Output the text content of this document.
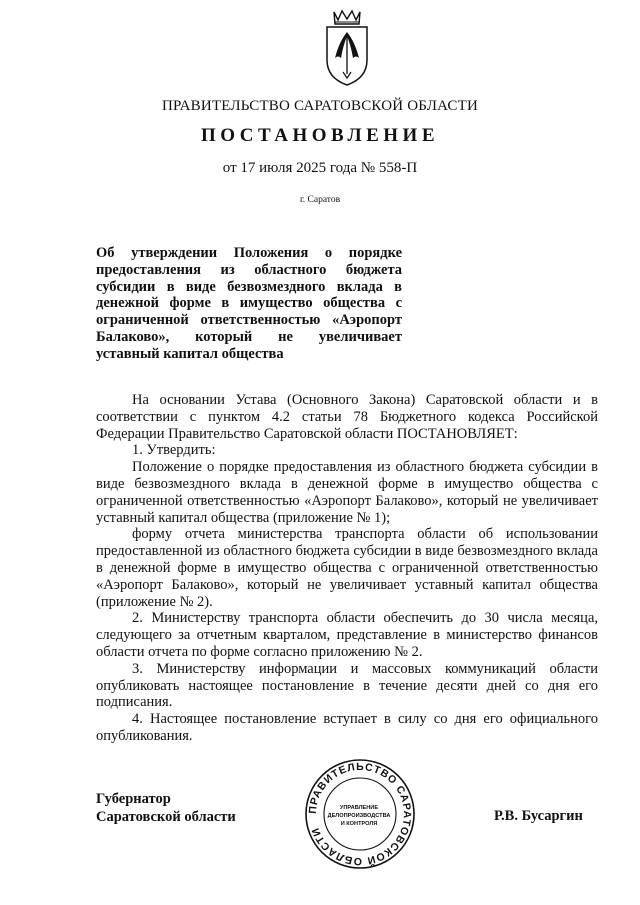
ПРАВИТЕЛЬСТВО САРАТОВСКОЙ ОБЛАСТИ
ПОСТАНОВЛЕНИЕ
от 17 июля 2025 года № 558-П
г. Саратов
Об утверждении Положения о порядке предоставления из областного бюджета субсидии в виде безвозмездного вклада в денежной форме в имущество общества с ограниченной ответственностью «Аэропорт Балаково», который не увеличивает уставный капитал общества

На основании Устава (Основного Закона) Саратовской области и в соответствии с пунктом 4.2 статьи 78 Бюджетного кодекса Российской Федерации Правительство Саратовской области ПОСТАНОВЛЯЕТ:

1. Утвердить:

Положение о порядке предоставления из областного бюджета субсидии в виде безвозмездного вклада в денежной форме в имущество общества с ограниченной ответственностью «Аэропорт Балаково», который не увеличивает уставный капитал общества (приложение № 1);

форму отчета министерства транспорта области об использовании предоставленной из областного бюджета субсидии в виде безвозмездного вклада в денежной форме в имущество общества с ограниченной ответственностью «Аэропорт Балаково», который не увеличивает уставный капитал общества (приложение № 2).

2. Министерству транспорта области обеспечить до 30 числа месяца, следующего за отчетным кварталом, представление в министерство финансов области отчета по форме согласно приложению № 2.

3. Министерству информации и массовых коммуникаций области опубликовать настоящее постановление в течение десяти дней со дня его подписания.

4. Настоящее постановление вступает в силу со дня его официального опубликования.

Губернатор
Саратовской области	ПРАВИТЕЛЬСТВО САРАТОВСКОЙ ОБЛАСТИ
УПРАВЛЕНИЕ
ДЕЛОПРОИЗВОДСТВА
И КОНТРОЛЯ	Р.В. Бусаргин
